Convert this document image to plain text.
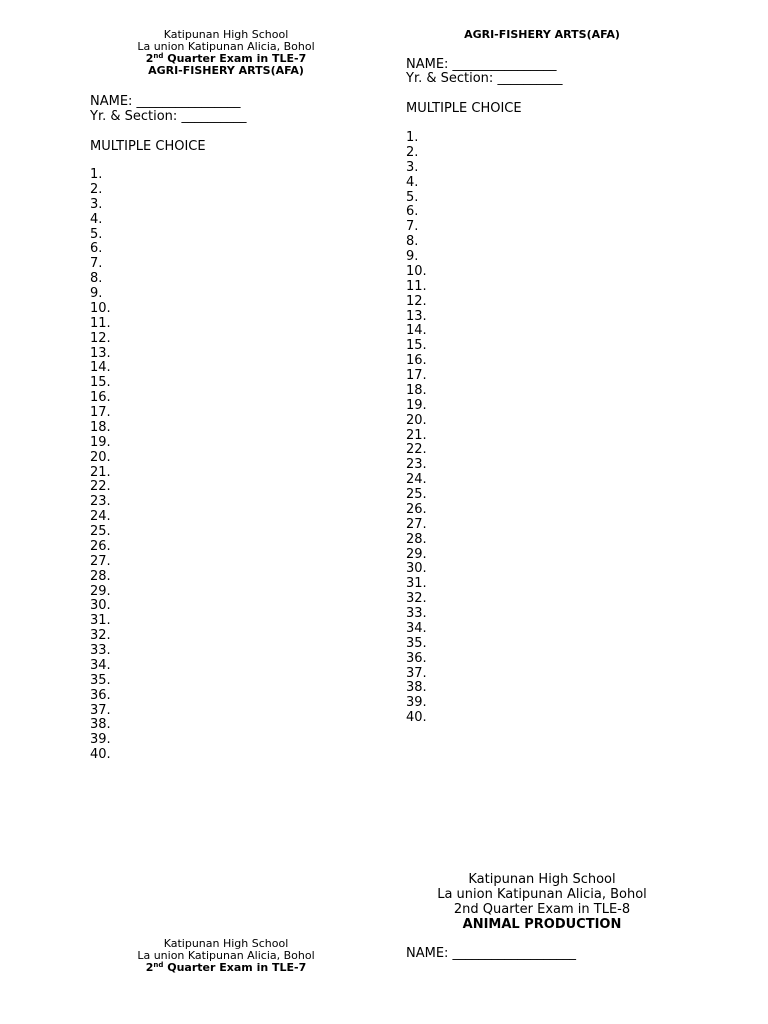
Katipunan High School
La union Katipunan Alicia, Bohol
2nd Quarter Exam in TLE-7
AGRI-FISHERY ARTS(AFA)
NAME: ________________
Yr. & Section: __________
MULTIPLE CHOICE
1.
2.
3.
4.
5.
6.
7.
8.
9.
10.
11.
12.
13.
14.
15.
16.
17.
18.
19.
20.
21.
22.
23.
24.
25.
26.
27.
28.
29.
30.
31.
32.
33.
34.
35.
36.
37.
38.
39.
40.
AGRI-FISHERY ARTS(AFA)
NAME: ________________
Yr. & Section: __________
MULTIPLE CHOICE
1.
2.
3.
4.
5.
6.
7.
8.
9.
10.
11.
12.
13.
14.
15.
16.
17.
18.
19.
20.
21.
22.
23.
24.
25.
26.
27.
28.
29.
30.
31.
32.
33.
34.
35.
36.
37.
38.
39.
40.
Katipunan High School
La union Katipunan Alicia, Bohol
2nd Quarter Exam in TLE-8
ANIMAL PRODUCTION
NAME: ___________________
Katipunan High School
La union Katipunan Alicia, Bohol
2nd Quarter Exam in TLE-7
